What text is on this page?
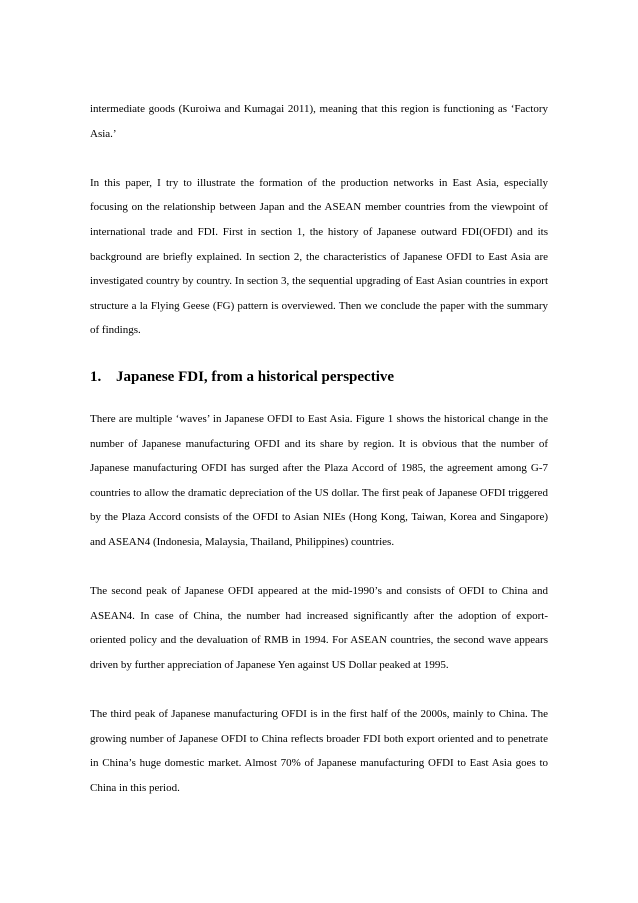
intermediate goods (Kuroiwa and Kumagai 2011), meaning that this region is functioning as ‘Factory Asia.’

In this paper, I try to illustrate the formation of the production networks in East Asia, especially focusing on the relationship between Japan and the ASEAN member countries from the viewpoint of international trade and FDI. First in section 1, the history of Japanese outward FDI(OFDI) and its background are briefly explained. In section 2, the characteristics of Japanese OFDI to East Asia are investigated country by country. In section 3, the sequential upgrading of East Asian countries in export structure a la Flying Geese (FG) pattern is overviewed. Then we conclude the paper with the summary of findings.

1. Japanese FDI, from a historical perspective

There are multiple ‘waves’ in Japanese OFDI to East Asia. Figure 1 shows the historical change in the number of Japanese manufacturing OFDI and its share by region. It is obvious that the number of Japanese manufacturing OFDI has surged after the Plaza Accord of 1985, the agreement among G-7 countries to allow the dramatic depreciation of the US dollar. The first peak of Japanese OFDI triggered by the Plaza Accord consists of the OFDI to Asian NIEs (Hong Kong, Taiwan, Korea and Singapore) and ASEAN4 (Indonesia, Malaysia, Thailand, Philippines) countries.

The second peak of Japanese OFDI appeared at the mid-1990’s and consists of OFDI to China and ASEAN4. In case of China, the number had increased significantly after the adoption of export-oriented policy and the devaluation of RMB in 1994. For ASEAN countries, the second wave appears driven by further appreciation of Japanese Yen against US Dollar peaked at 1995.

The third peak of Japanese manufacturing OFDI is in the first half of the 2000s, mainly to China. The growing number of Japanese OFDI to China reflects broader FDI both export oriented and to penetrate in China’s huge domestic market. Almost 70% of Japanese manufacturing OFDI to East Asia goes to China in this period.
